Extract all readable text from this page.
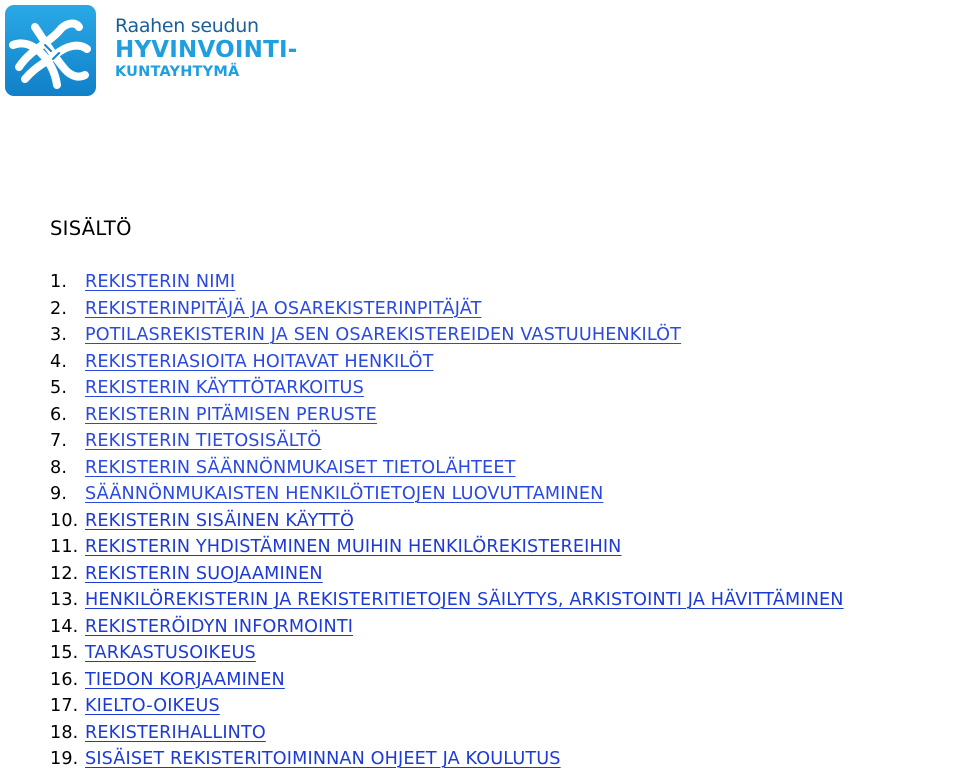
Raahen seudun
HYVINVOINTI-
KUNTAYHTYMÄ
SISÄLTÖ
1. REKISTERIN NIMI
2. REKISTERINPITÄJÄ JA OSAREKISTERINPITÄJÄT
3. POTILASREKISTERIN JA SEN OSAREKISTEREIDEN VASTUUHENKILÖT
4. REKISTERIASIOITA HOITAVAT HENKILÖT
5. REKISTERIN KÄYTTÖTARKOITUS
6. REKISTERIN PITÄMISEN PERUSTE
7. REKISTERIN TIETOSISÄLTÖ
8. REKISTERIN SÄÄNNÖNMUKAISET TIETOLÄHTEET
9. SÄÄNNÖNMUKAISTEN HENKILÖTIETOJEN LUOVUTTAMINEN
10. REKISTERIN SISÄINEN KÄYTTÖ
11. REKISTERIN YHDISTÄMINEN MUIHIN HENKILÖREKISTEREIHIN
12. REKISTERIN SUOJAAMINEN
13. HENKILÖREKISTERIN JA REKISTERITIETOJEN SÄILYTYS, ARKISTOINTI JA HÄVITTÄMINEN
14. REKISTERÖIDYN INFORMOINTI
15. TARKASTUSOIKEUS
16. TIEDON KORJAAMINEN
17. KIELTO-OIKEUS
18. REKISTERIHALLINTO
19. SISÄISET REKISTERITOIMINNAN OHJEET JA KOULUTUS
